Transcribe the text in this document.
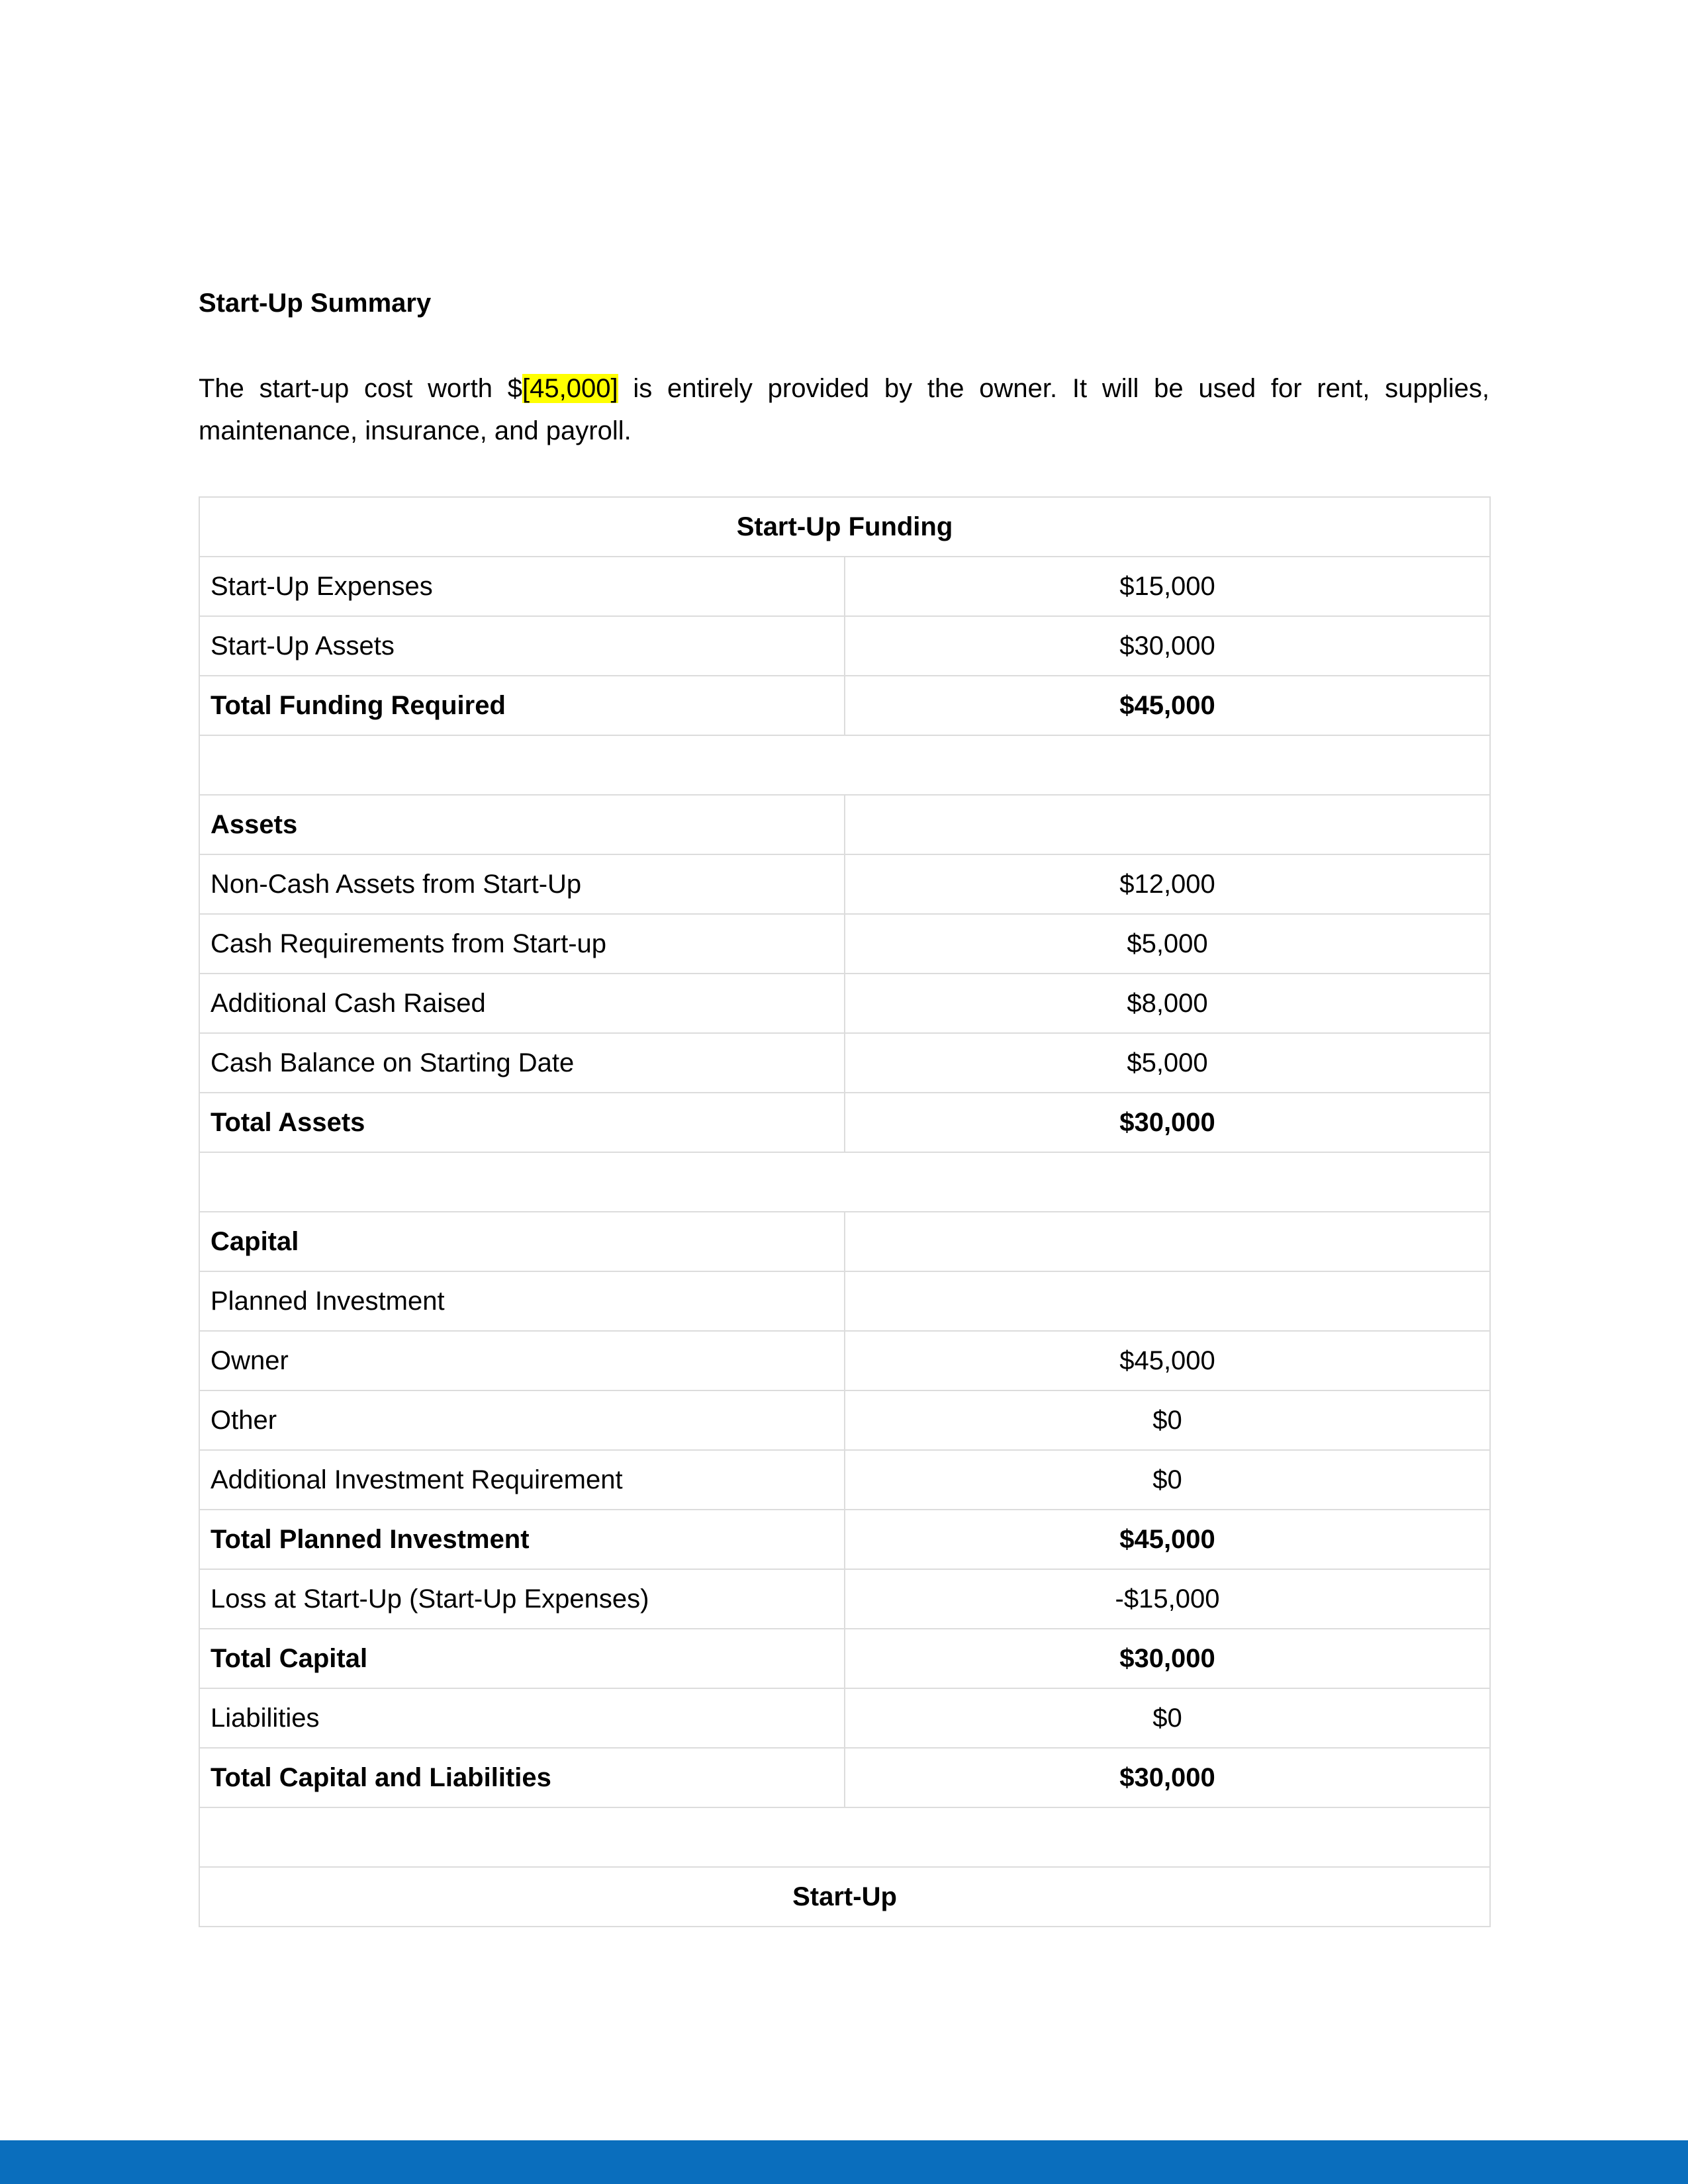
Start-Up Summary

The start-up cost worth $[45,000] is entirely provided by the owner. It will be used for rent, supplies, maintenance, insurance, and payroll.

Start-Up Funding	
Start-Up Expenses	$15,000
Start-Up Assets	$30,000
Total Funding Required	$45,000

Assets	
Non-Cash Assets from Start-Up	$12,000
Cash Requirements from Start-up	$5,000
Additional Cash Raised	$8,000
Cash Balance on Starting Date	$5,000
Total Assets	$30,000

Capital	
Planned Investment	
Owner	$45,000
Other	$0
Additional Investment Requirement	$0
Total Planned Investment	$45,000
Loss at Start-Up (Start-Up Expenses)	-$15,000
Total Capital	$30,000
Liabilities	$0
Total Capital and Liabilities	$30,000

Start-Up	
